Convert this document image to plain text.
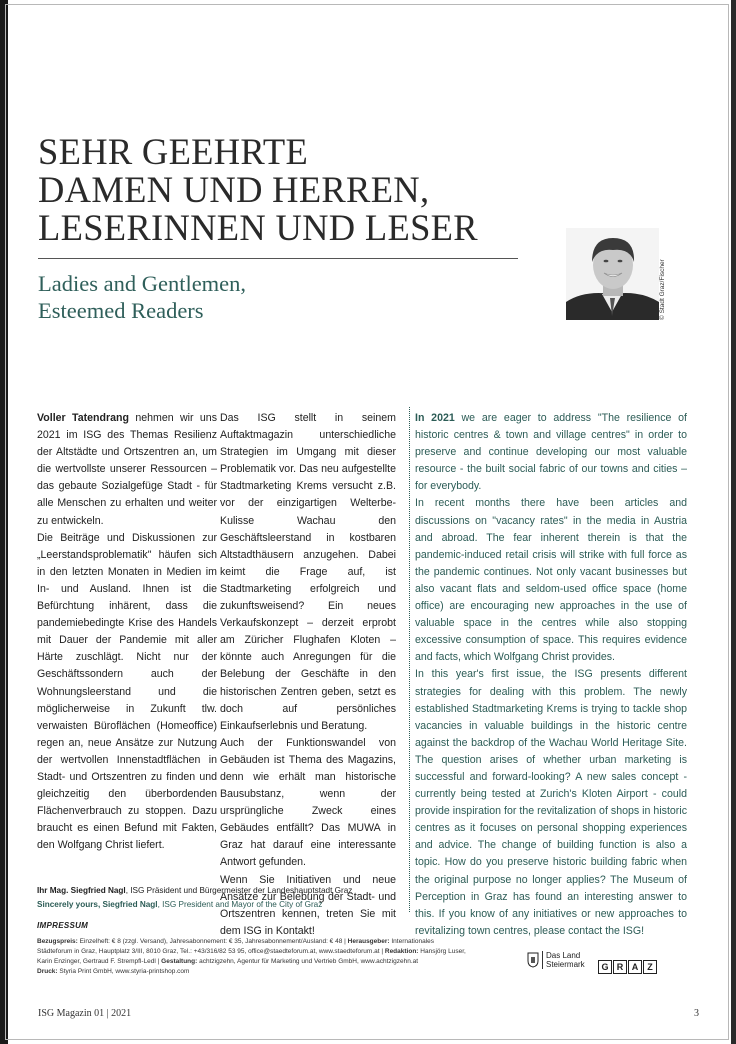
SEHR GEEHRTE
DAMEN UND HERREN,
LESERINNEN UND LESER
Ladies and Gentlemen,
Esteemed Readers	© Stadt Graz/Fischer

Voller Tatendrang nehmen wir uns 2021 im ISG des Themas Resilienz der Altstädte und Ortszentren an, um die wertvollste unserer Ressourcen – das gebaute Sozialgefüge Stadt - für alle Menschen zu erhalten und weiter zu entwickeln.

Die Beiträge und Diskussionen zur „Leerstandsproblematik" häufen sich in den letzten Monaten in Medien im In- und Ausland. Ihnen ist die Befürchtung inhärent, dass die pandemiebedingte Krise des Handels mit Dauer der Pandemie mit aller Härte zuschlägt. Nicht nur der Geschäftssondern auch der Wohnungsleerstand und die möglicherweise in Zukunft tlw. verwaisten Büroflächen (Homeoffice) regen an, neue Ansätze zur Nutzung der wertvollen Innenstadtflächen in Stadt- und Ortszentren zu finden und gleichzeitig den überbordenden Flächenverbrauch zu stoppen. Dazu braucht es einen Befund mit Fakten, den Wolfgang Christ liefert.

Das ISG stellt in seinem Auftaktmagazin unterschiedliche Strategien im Umgang mit dieser Problematik vor. Das neu aufgestellte Stadtmarketing Krems versucht z.B. vor der einzigartigen Welterbe-Kulisse Wachau den Geschäftsleerstand in kostbaren Altstadthäusern anzugehen. Dabei keimt die Frage auf, ist Stadtmarketing erfolgreich und zukunftsweisend? Ein neues Verkaufskonzept – derzeit erprobt am Züricher Flughafen Kloten – könnte auch Anregungen für die Belebung der Geschäfte in den historischen Zentren geben, setzt es doch auf persönliches Einkaufserlebnis und Beratung.

Auch der Funktionswandel von Gebäuden ist Thema des Magazins, denn wie erhält man historische Bausubstanz, wenn der ursprüngliche Zweck eines Gebäudes entfällt? Das MUWA in Graz hat darauf eine interessante Antwort gefunden.

Wenn Sie Initiativen und neue Ansätze zur Belebung der Stadt- und Ortszentren kennen, treten Sie mit dem ISG in Kontakt!

In 2021 we are eager to address "The resilience of historic centres & town and village centres" in order to preserve and continue developing our most valuable resource - the built social fabric of our towns and cities – for everybody.

In recent months there have been articles and discussions on "vacancy rates" in the media in Austria and abroad. The fear inherent therein is that the pandemic-induced retail crisis will strike with full force as the pandemic continues. Not only vacant businesses but also vacant flats and seldom-used office space (home office) are encouraging new approaches in the use of valuable space in the centres while also stopping excessive consumption of space. This requires evidence and facts, which Wolfgang Christ provides.

In this year's first issue, the ISG presents different strategies for dealing with this problem. The newly established Stadtmarketing Krems is trying to tackle shop vacancies in valuable buildings in the historic centre against the backdrop of the Wachau World Heritage Site. The question arises of whether urban marketing is successful and forward-looking? A new sales concept - currently being tested at Zurich's Kloten Airport - could provide inspiration for the revitalization of shops in historic centres as it focuses on personal shopping experiences and advice. The change of building function is also a topic. How do you preserve historic building fabric when the original purpose no longer applies? The Museum of Perception in Graz has found an interesting answer to this. If you know of any initiatives or new approaches to revitalizing town centres, please contact the ISG!

Ihr Mag. Siegfried Nagl, ISG Präsident und Bürgermeister der Landeshauptstadt Graz
Sincerely yours, Siegfried Nagl, ISG President and Mayor of the City of Graz
IMPRESSUM
Bezugspreis: Einzelheft: € 8 (zzgl. Versand), Jahresabonnement: € 35, Jahresabonnement/Ausland: € 48 | Herausgeber: Internationales
Städteforum in Graz, Hauptplatz 3/III, 8010 Graz, Tel.: +43/316/82 53 95, office@staedteforum.at, www.staedteforum.at | Redaktion: Hansjörg Luser,
Karin Enzinger, Gertraud F. Strempfl-Ledl | Gestaltung: achtzigzehn, Agentur für Marketing und Vertrieb GmbH, www.achtzigzehn.at
Druck: Styria Print GmbH, www.styria-printshop.com
Das Land
Steiermark	G R A	Z
ISG Magazin 01 | 2021	3
